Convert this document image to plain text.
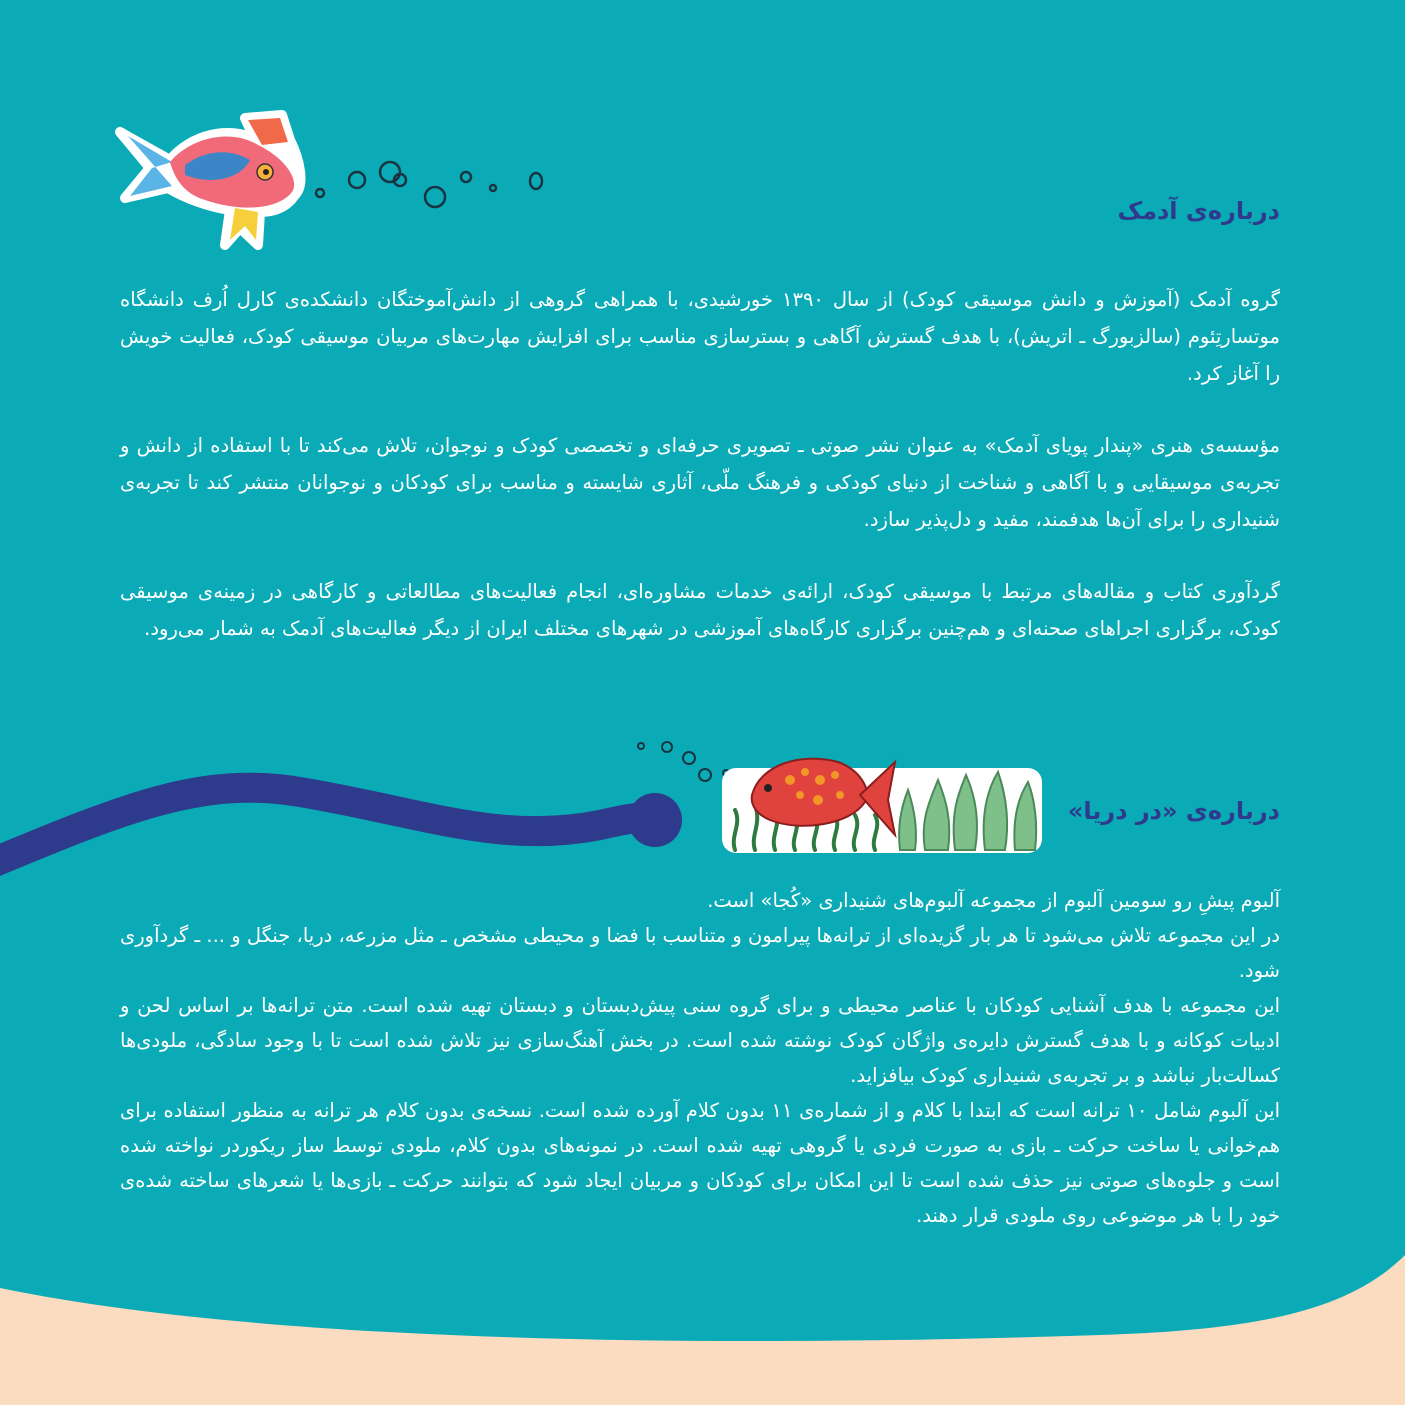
درباره‌ی آدمک

گروه آدمک (آموزش و دانش موسیقی کودک) از سال ۱۳۹۰ خورشیدی، با همراهی گروهی از دانش‌آموختگان دانشکده‌ی کارل اُرف دانشگاه موتسارتِئوم (سالزبورگ ـ اتریش)، با هدف گسترش آگاهی و بسترسازی مناسب برای افزایش مهارت‌های مربیان موسیقی کودک، فعالیت خویش را آغاز کرد.

مؤسسه‌ی هنری «پندار پویای آدمک» به عنوان نشر صوتی ـ تصویری حرفه‌ای و تخصصی کودک و نوجوان، تلاش می‌کند تا با استفاده از دانش و تجربه‌ی موسیقایی و با آگاهی و شناخت از دنیای کودکی و فرهنگ ملّی، آثاری شایسته و مناسب برای کودکان و نوجوانان منتشر کند تا تجربه‌ی شنیداری را برای آن‌ها هدفمند، مفید و دل‌پذیر سازد.

گردآوری کتاب و مقاله‌های مرتبط با موسیقی کودک، ارائه‌ی خدمات مشاوره‌ای، انجام فعالیت‌های مطالعاتی و کارگاهی در زمینه‌ی موسیقی کودک، برگزاری اجراهای صحنه‌ای و هم‌چنین برگزاری کارگاه‌های آموزشی در شهرهای مختلف ایران از دیگر فعالیت‌های آدمک به شمار می‌رود.

درباره‌ی «در دریا»

آلبوم پیشِ رو سومین آلبوم از مجموعه آلبوم‌های شنیداری «کُجا» است.

در این مجموعه تلاش می‌شود تا هر بار گزیده‌ای از ترانه‌ها پیرامون و متناسب با فضا و محیطی مشخص ـ مثل مزرعه، دریا، جنگل و ... ـ گردآوری شود.

این مجموعه با هدف آشنایی کودکان با عناصر محیطی و برای گروه سنی پیش‌دبستان و دبستان تهیه شده است. متن ترانه‌ها بر اساس لحن و ادبیات کوکانه و با هدف گسترش دایره‌ی واژگان کودک نوشته شده است. در بخش آهنگ‌سازی نیز تلاش شده است تا با وجود سادگی، ملودی‌ها کسالت‌بار نباشد و بر تجربه‌ی شنیداری کودک بیافزاید.

این آلبوم شامل ۱۰ ترانه است که ابتدا با کلام و از شماره‌ی ۱۱ بدون کلام آورده شده است. نسخه‌ی بدون کلام هر ترانه به منظور استفاده برای هم‌خوانی یا ساخت حرکت ـ بازی به صورت فردی یا گروهی تهیه شده است. در نمونه‌های بدون کلام، ملودی توسط ساز ریکوردر نواخته شده است و جلوه‌های صوتی نیز حذف شده است تا این امکان برای کودکان و مربیان ایجاد شود که بتوانند حرکت ـ بازی‌ها یا شعرهای ساخته شده‌ی خود را با هر موضوعی روی ملودی قرار دهند.
